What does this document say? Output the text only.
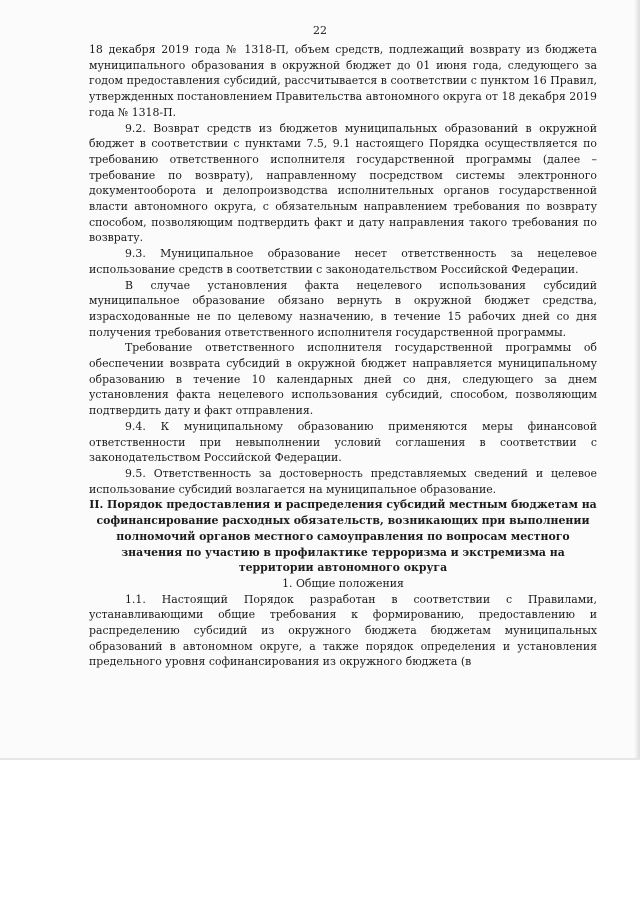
22

18 декабря 2019 года № 1318-П, объем средств, подлежащий возврату из бюджета муниципального образования в окружной бюджет до 01 июня года, следующего за годом предоставления субсидий, рассчитывается в соответствии с пунктом 16 Правил, утвержденных постановлением Правительства автономного округа от 18 декабря 2019 года № 1318-П.

9.2. Возврат средств из бюджетов муниципальных образований в окружной бюджет в соответствии с пунктами 7.5, 9.1 настоящего Порядка осуществляется по требованию ответственного исполнителя государственной программы (далее – требование по возврату), направленному посредством системы электронного документооборота и делопроизводства исполнительных органов государственной власти автономного округа, с обязательным направлением требования по возврату способом, позволяющим подтвердить факт и дату направления такого требования по возврату.

9.3. Муниципальное образование несет ответственность за нецелевое использование средств в соответствии с законодательством Российской Федерации.

В случае установления факта нецелевого использования субсидий муниципальное образование обязано вернуть в окружной бюджет средства, израсходованные не по целевому назначению, в течение 15 рабочих дней со дня получения требования ответственного исполнителя государственной программы.

Требование ответственного исполнителя государственной программы об обеспечении возврата субсидий в окружной бюджет направляется муниципальному образованию в течение 10 календарных дней со дня, следующего за днем установления факта нецелевого использования субсидий, способом, позволяющим подтвердить дату и факт отправления.

9.4. К муниципальному образованию применяются меры финансовой ответственности при невыполнении условий соглашения в соответствии с законодательством Российской Федерации.

9.5. Ответственность за достоверность представляемых сведений и целевое использование субсидий возлагается на муниципальное образование.

II. Порядок предоставления и распределения субсидий местным бюджетам на софинансирование расходных обязательств, возникающих при выполнении полномочий органов местного самоуправления по вопросам местного значения по участию в профилактике терроризма и экстремизма на территории автономного округа

1. Общие положения

1.1. Настоящий Порядок разработан в соответствии с Правилами, устанавливающими общие требования к формированию, предоставлению и распределению субсидий из окружного бюджета бюджетам муниципальных образований в автономном округе, а также порядок определения и установления предельного уровня софинансирования из окружного бюджета (в
